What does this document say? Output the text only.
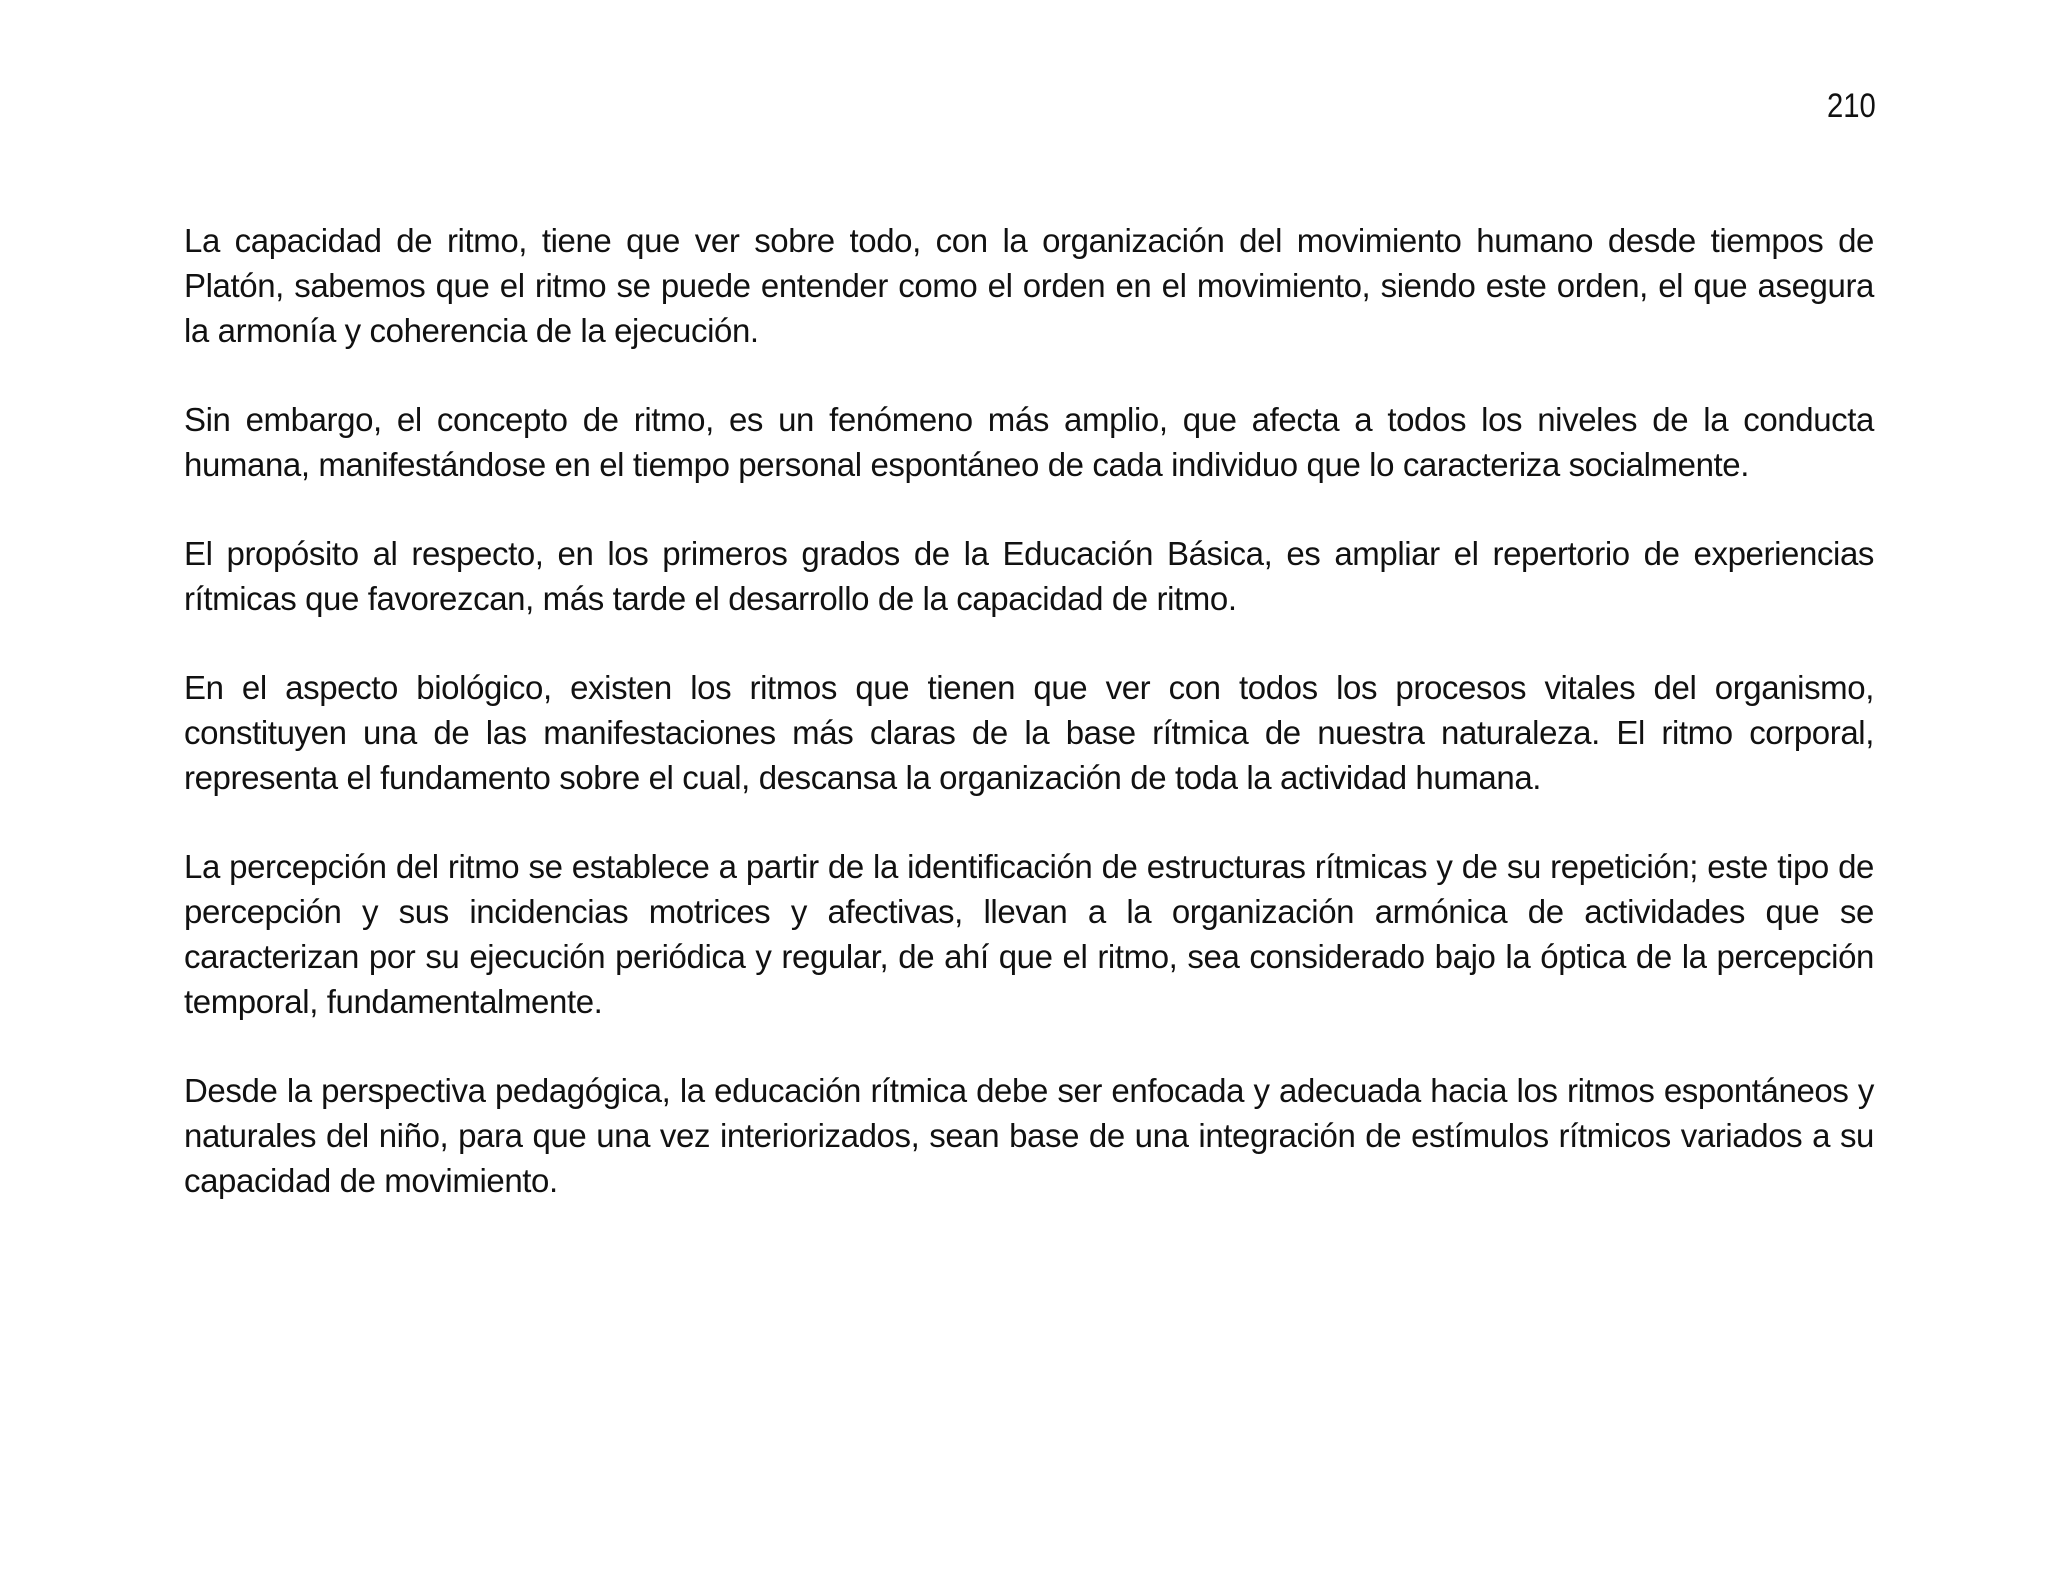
210

La capacidad de ritmo, tiene que ver sobre todo, con la organización del movimiento humano desde tiempos de Platón, sabemos que el ritmo se puede entender como el orden en el movimiento, siendo este orden, el que asegura la armonía y coherencia de la ejecución.

Sin embargo, el concepto de ritmo, es un fenómeno más amplio, que afecta a todos los niveles de la conducta humana, manifestándose en el tiempo personal espontáneo de cada individuo que lo caracteriza socialmente.

El propósito al respecto, en los primeros grados de la Educación Básica, es ampliar el repertorio de experiencias rítmicas que favorezcan, más tarde el desarrollo de la capacidad de ritmo.

En el aspecto biológico, existen los ritmos que tienen que ver con todos los procesos vitales del organismo, constituyen una de las manifestaciones más claras de la base rítmica de nuestra naturaleza. El ritmo corporal, representa el fundamento sobre el cual, descansa la organización de toda la actividad humana.

La percepción del ritmo se establece a partir de la identificación de estructuras rítmicas y de su repetición; este tipo de percepción y sus incidencias motrices y afectivas, llevan a la organización armónica de actividades que se caracterizan por su ejecución periódica y regular, de ahí que el ritmo, sea considerado bajo la óptica de la percepción temporal, fundamentalmente.

Desde la perspectiva pedagógica, la educación rítmica debe ser enfocada y adecuada hacia los ritmos espontáneos y naturales del niño, para que una vez interiorizados, sean base de una integración de estímulos rítmicos variados a su capacidad de movimiento.
